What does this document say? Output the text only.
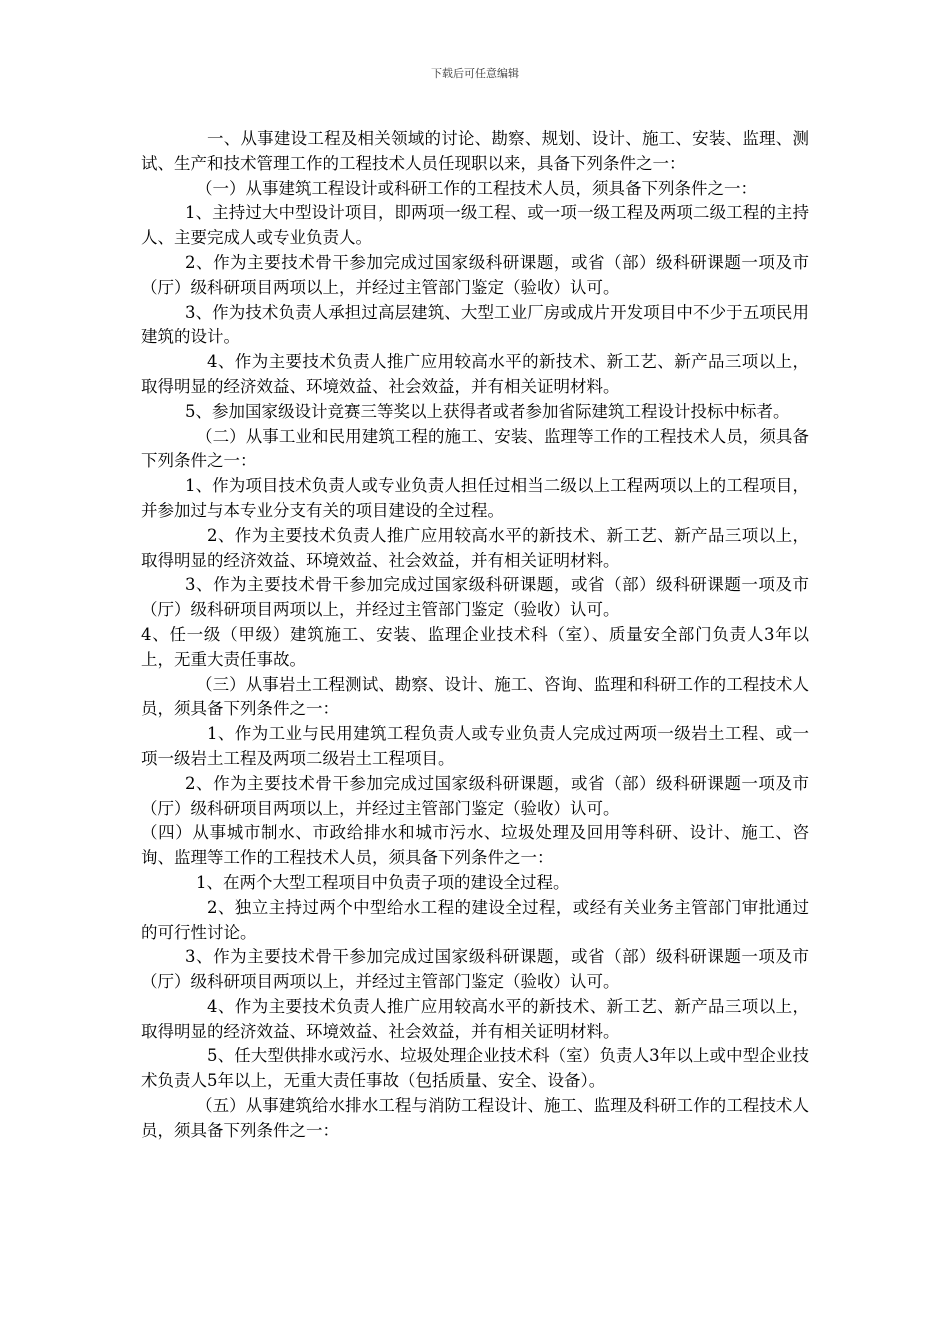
下载后可任意编辑

一、从事建设工程及相关领域的讨论、勘察、规划、设计、施工、安装、监理、测试、生产和技术管理工作的工程技术人员任现职以来，具备下列条件之一：

（一）从事建筑工程设计或科研工作的工程技术人员，须具备下列条件之一：

1、主持过大中型设计项目，即两项一级工程、或一项一级工程及两项二级工程的主持人、主要完成人或专业负责人。

2、作为主要技术骨干参加完成过国家级科研课题，或省（部）级科研课题一项及市（厅）级科研项目两项以上，并经过主管部门鉴定（验收）认可。

3、作为技术负责人承担过高层建筑、大型工业厂房或成片开发项目中不少于五项民用建筑的设计。

4、作为主要技术负责人推广应用较高水平的新技术、新工艺、新产品三项以上，取得明显的经济效益、环境效益、社会效益，并有相关证明材料。

5、参加国家级设计竞赛三等奖以上获得者或者参加省际建筑工程设计投标中标者。

（二）从事工业和民用建筑工程的施工、安装、监理等工作的工程技术人员，须具备下列条件之一：

1、作为项目技术负责人或专业负责人担任过相当二级以上工程两项以上的工程项目，并参加过与本专业分支有关的项目建设的全过程。

2、作为主要技术负责人推广应用较高水平的新技术、新工艺、新产品三项以上，取得明显的经济效益、环境效益、社会效益，并有相关证明材料。

3、作为主要技术骨干参加完成过国家级科研课题，或省（部）级科研课题一项及市（厅）级科研项目两项以上，并经过主管部门鉴定（验收）认可。

4、任一级（甲级）建筑施工、安装、监理企业技术科（室）、质量安全部门负责人3年以上，无重大责任事故。

（三）从事岩土工程测试、勘察、设计、施工、咨询、监理和科研工作的工程技术人员，须具备下列条件之一：

1、作为工业与民用建筑工程负责人或专业负责人完成过两项一级岩土工程、或一项一级岩土工程及两项二级岩土工程项目。

2、作为主要技术骨干参加完成过国家级科研课题，或省（部）级科研课题一项及市（厅）级科研项目两项以上，并经过主管部门鉴定（验收）认可。

（四）从事城市制水、市政给排水和城市污水、垃圾处理及回用等科研、设计、施工、咨询、监理等工作的工程技术人员，须具备下列条件之一：

1、在两个大型工程项目中负责子项的建设全过程。

2、独立主持过两个中型给水工程的建设全过程，或经有关业务主管部门审批通过的可行性讨论。

3、作为主要技术骨干参加完成过国家级科研课题，或省（部）级科研课题一项及市（厅）级科研项目两项以上，并经过主管部门鉴定（验收）认可。

4、作为主要技术负责人推广应用较高水平的新技术、新工艺、新产品三项以上，取得明显的经济效益、环境效益、社会效益，并有相关证明材料。

5、任大型供排水或污水、垃圾处理企业技术科（室）负责人3年以上或中型企业技术负责人5年以上，无重大责任事故（包括质量、安全、设备）。

（五）从事建筑给水排水工程与消防工程设计、施工、监理及科研工作的工程技术人员，须具备下列条件之一：
